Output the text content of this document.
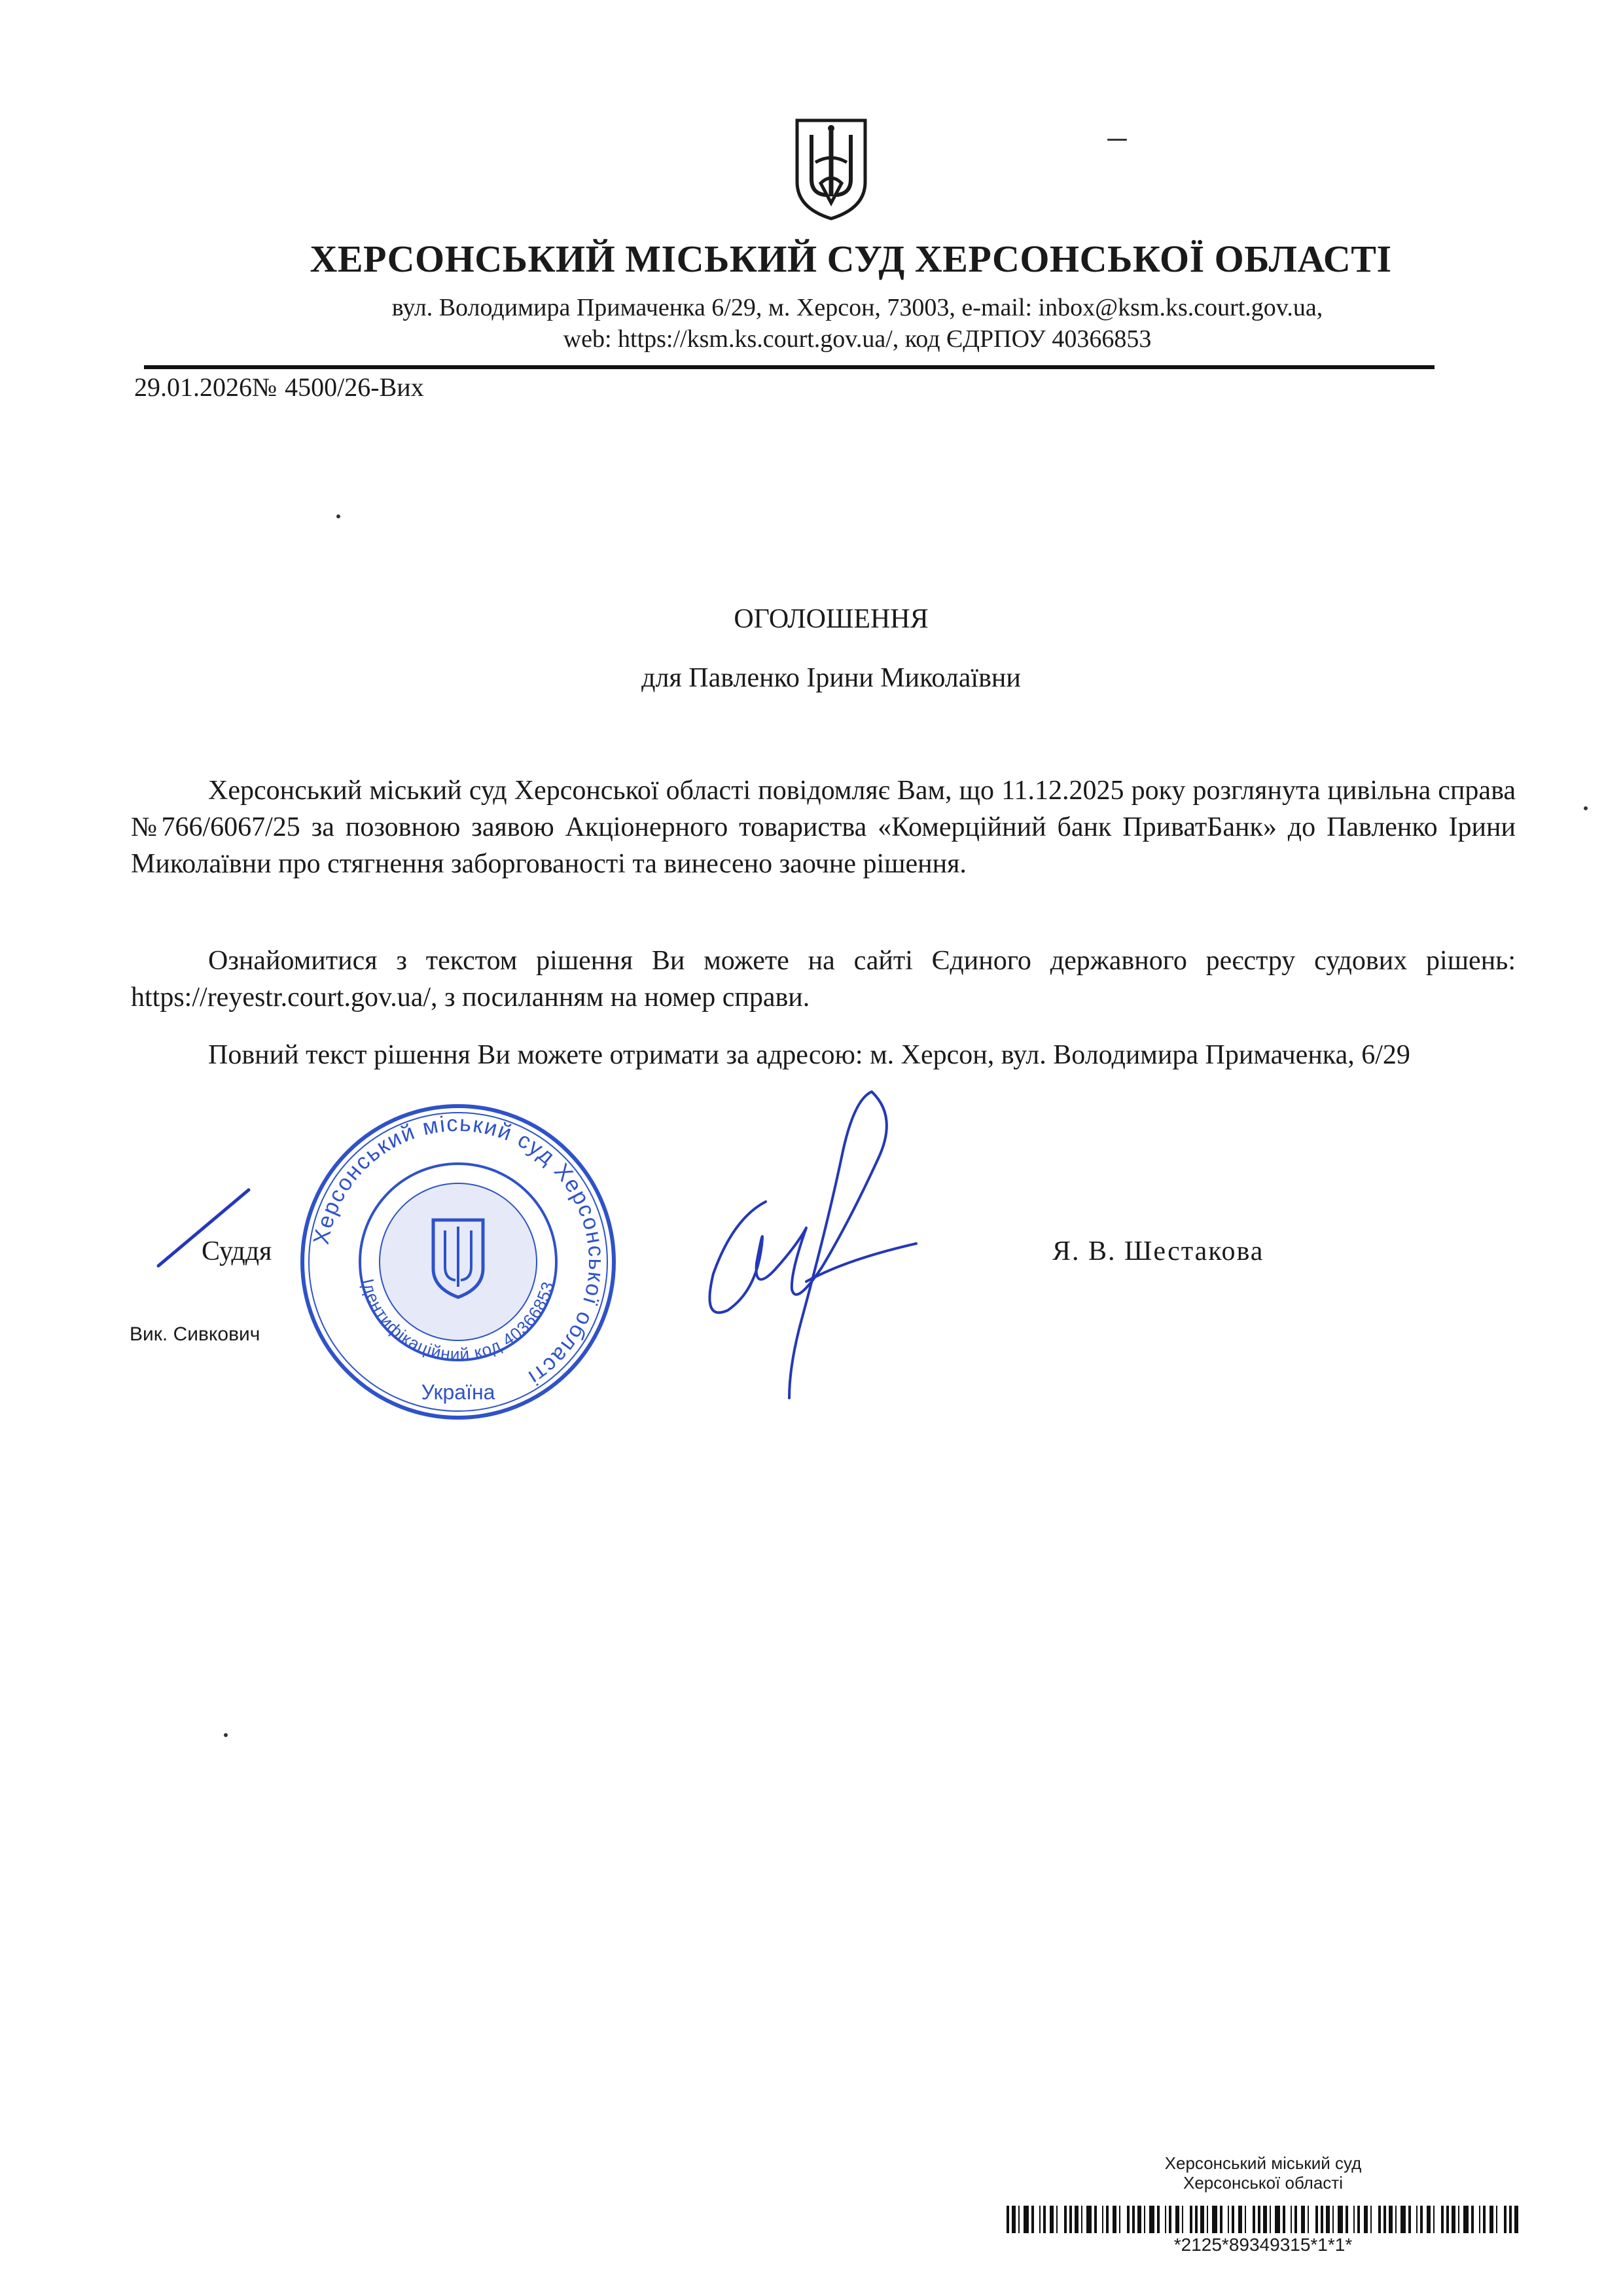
ХЕРСОНСЬКИЙ МІСЬКИЙ СУД ХЕРСОНСЬКОЇ ОБЛАСТІ
вул. Володимира Примаченка 6/29, м. Херсон, 73003, e-mail: inbox@ksm.ks.court.gov.ua,
web: https://ksm.ks.court.gov.ua/, код ЄДРПОУ 40366853
29.01.2026№ 4500/26-Вих
ОГОЛОШЕННЯ
для Павленко Ірини Миколаївни
Херсонський міський суд Херсонської області повідомляє Вам, що 11.12.2025 року розглянута цивільна справа №766/6067/25 за позовною заявою Акціонерного товариства «Комерційний банк ПриватБанк» до Павленко Ірини Миколаївни про стягнення заборгованості та винесено заочне рішення.
Ознайомитися з текстом рішення Ви можете на сайті Єдиного державного реєстру судових рішень: https://reyestr.court.gov.ua/, з посиланням на номер справи.
Повний текст рішення Ви можете отримати за адресою: м. Херсон, вул. Володимира Примаченка, 6/29
Суддя
Херсонський міський суд Херсонської області
Ідентифікаційний код 40366853
Україна
Я. В. Шестакова
Вик. Сивкович
Херсонський міський суд
Херсонської області
*2125*89349315*1*1*
